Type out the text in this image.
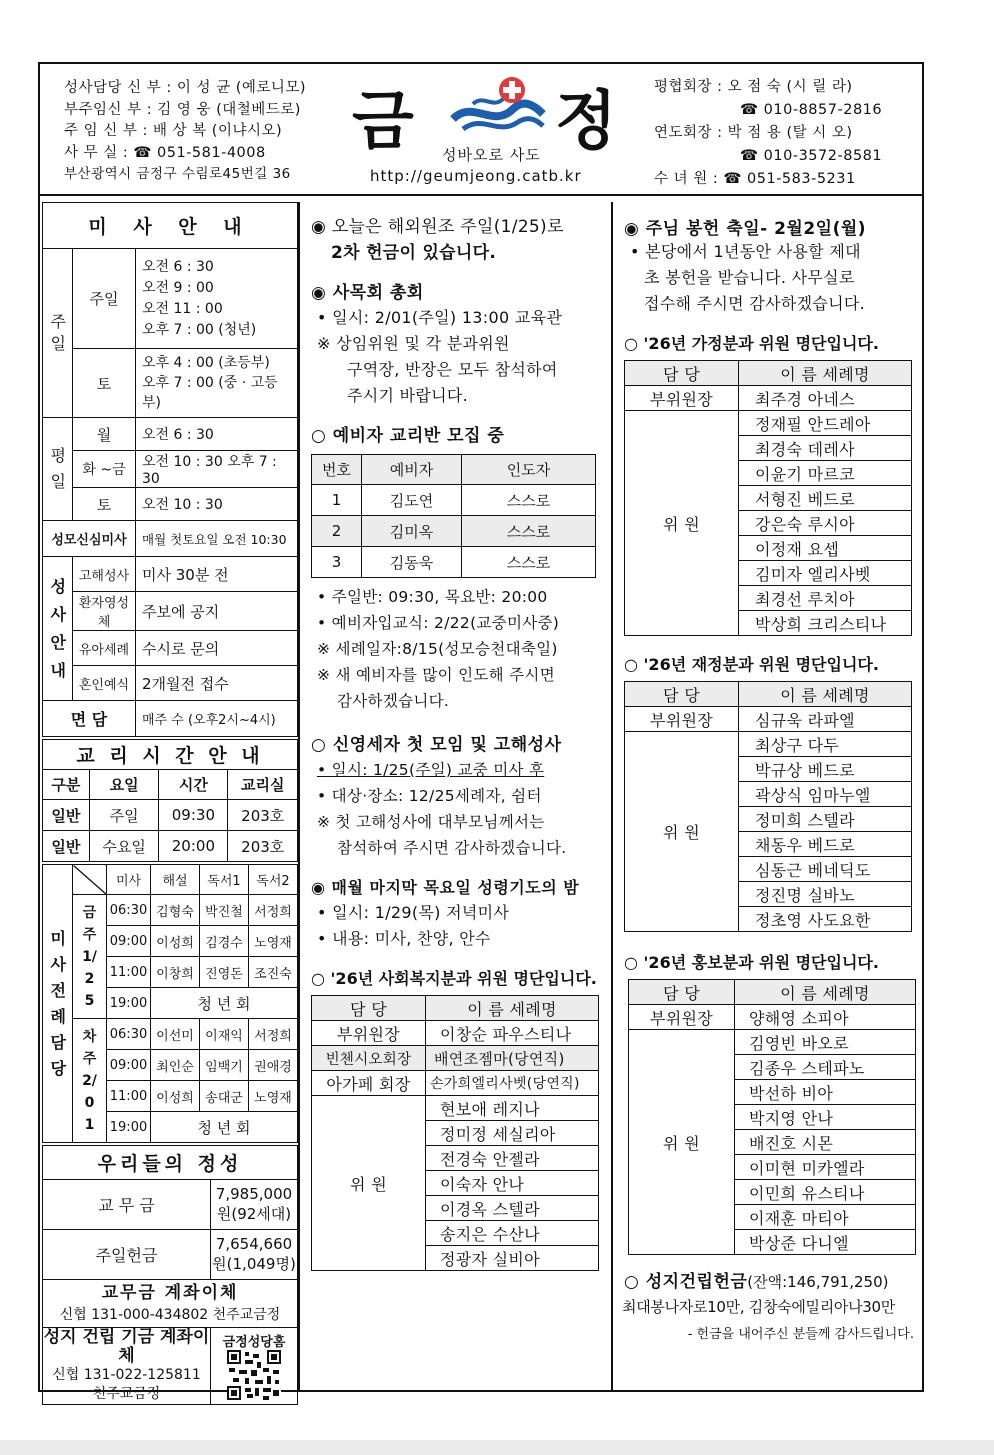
성사담당 신 부 : 이 성 균 (예로니모)
부주임신 부 : 김 영 웅 (대철베드로)
주 임 신 부 : 배 상 복 (이냐시오)
사 무 실 : ☎ 051-581-4008
부산광역시 금정구 수림로45번길 36
금 정
성바오로 사도
http://geumjeong.catb.kr
평협회장 : 오 점 숙 (시 릴 라)
☎ 010-8857-2816
연도회장 : 박 점 용 (탈 시 오)
☎ 010-3572-8581
수 녀 원 : ☎ 051-583-5231
미 사 안 내		

주일	주일	오전 6 : 30
오전 9 : 00
오전 11 : 00
오후 7 : 00 (청년)

	토	오후 4 : 00 (초등부)
오후 7 : 00 (중 · 고등부)

평일	월	오전 6 : 30
	화 ~금	오전 10 : 30 오후 7 : 30
	토	오전 10 : 30
성모신심미사		매월 첫토요일 오전 10:30

성사안내	고해성사	미사 30분 전
	환자영성체	주보에 공지
	유아세례	수시로 문의
	혼인예식	2개월전 접수
면 담		매주 수 (오후2시~4시)
교 리 시 간 안 내			
구분	요일	시간	교리실
일반	주일	09:30	203호
일반	수요일	20:00	203호
미사전례담당		미사	해설	독서1	독서2

	금주 1/25	06:30	김형숙	박진철	서정희
		09:00	이성희	김경수	노영재
		11:00	이창희	진영돈	조진숙
		19:00	청 년 회		

	차주 2/01	06:30	이선미	이재익	서정희
		09:00	최인순	임백기	권애경
		11:00	이성희	송대군	노영재
		19:00	청 년 회		
우리들의 정성	
교 무 금	7,985,000원(92세대)
주일헌금	7,654,660원(1,049명)

교무금 계좌이체
신협 131-000-434802 천주교금정	

성지 건립 기금 계좌이체
신협 131-022-125811
천주교금정	금정성당홈
◉ 오늘은 해외원조 주일(1/25)로
2차 헌금이 있습니다.
◉ 사목회 총회
• 일시: 2/01(주일) 13:00 교육관
※ 상임위원 및 각 분과위원
구역장, 반장은 모두 참석하여
주시기 바랍니다.
○ 예비자 교리반 모집 중
번호	예비자	인도자
1	김도연	스스로
2	김미옥	스스로
3	김동욱	스스로
• 주일반: 09:30, 목요반: 20:00
• 예비자입교식: 2/22(교중미사중)
※ 세례일자:8/15(성모승천대축일)
※ 새 예비자를 많이 인도해 주시면
감사하겠습니다.
○ 신영세자 첫 모임 및 고해성사
• 일시: 1/25(주일) 교중 미사 후
• 대상·장소: 12/25세례자, 쉼터
※ 첫 고해성사에 대부모님께서는
참석하여 주시면 감사하겠습니다.
◉ 매월 마지막 목요일 성령기도의 밤
• 일시: 1/29(목) 저녁미사
• 내용: 미사, 찬양, 안수
○ '26년 사회복지분과 위원 명단입니다.
담 당	이 름 세례명
부위원장	이창순 파우스티나
빈첸시오회장	배연조젬마(당연직)
아가페 회장	손가희엘리사벳(당연직)
위 원	현보애 레지나
	정미정 세실리아
	전경숙 안젤라
	이숙자 안나
	이경옥 스텔라
	송지은 수산나
	정광자 실비아
◉ 주님 봉헌 축일- 2월2일(월)
• 본당에서 1년동안 사용할 제대
초 봉헌을 받습니다. 사무실로
접수해 주시면 감사하겠습니다.
○ '26년 가정분과 위원 명단입니다.
담 당	이 름 세례명
부위원장	최주경 아네스
위 원	정재필 안드레아
	최경숙 데레사
	이윤기 마르코
	서형진 베드로
	강은숙 루시아
	이정재 요셉
	김미자 엘리사벳
	최경선 루치아
	박상희 크리스티나
○ '26년 재정분과 위원 명단입니다.
담 당	이 름 세례명
부위원장	심규욱 라파엘
위 원	최상구 다두
	박규상 베드로
	곽상식 임마누엘
	정미희 스텔라
	채동우 베드로
	심동근 베네딕도
	정진명 실바노
	정초영 사도요한
○ '26년 홍보분과 위원 명단입니다.
담 당	이 름 세례명
부위원장	양해영 소피아
위 원	김영빈 바오로
	김종우 스테파노
	박선하 비아
	박지영 안나
	배진호 시몬
	이미현 미카엘라
	이민희 유스티나
	이재훈 마티아
	박상준 다니엘
○ 성지건립헌금(잔액:146,791,250)
최대봉나자로10만, 김창숙에밀리아나30만
- 헌금을 내어주신 분들께 감사드립니다.
